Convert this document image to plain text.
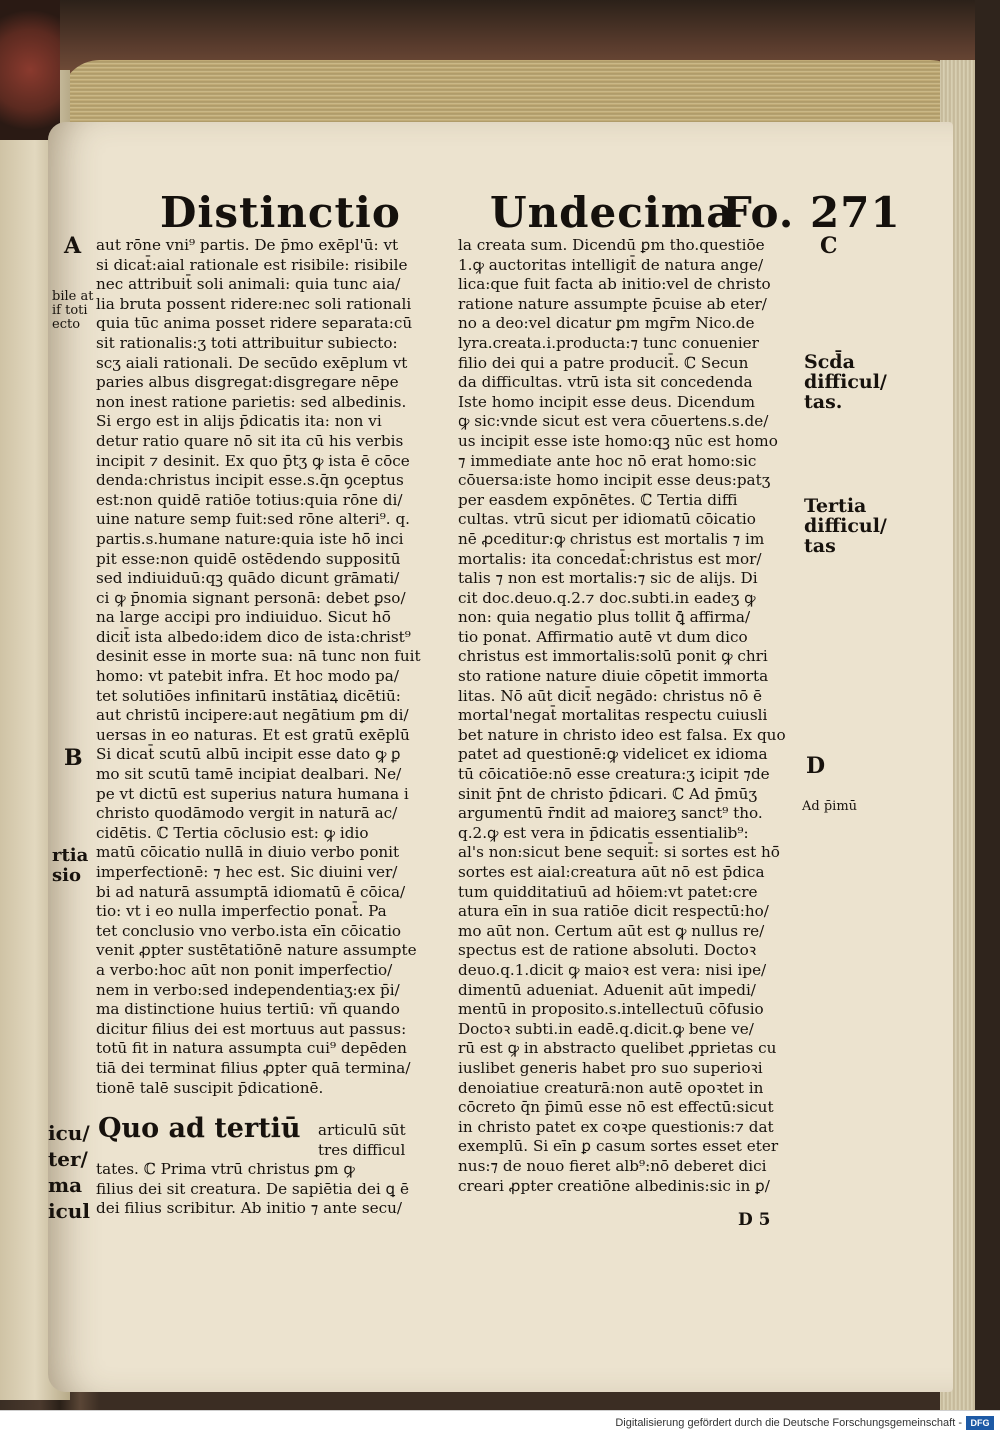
Distinctio Undecima
Fo. 271
A
bile at
if toti
ecto
B
rtia
sio
icu/
ter/
ma
icul
aut rōne vni⁹ partis. De p̄mo exēpl'ū: vt
si dicat̄:aial rationale est risibile: risibile
nec attribuit̄ soli animali: quia tunc aia/
lia bruta possent ridere:nec soli rationali
quia tūc anima posset ridere separata:cū
sit rationalis:ʒ toti attribuitur subiecto:
scʒ aiali rationali. De secūdo exēplum vt
paries albus disgregat:disgregare nēpe
non inest ratione parietis: sed albedinis.
Si ergo est in alijs p̄dicatis ita: non vi
detur ratio quare nō sit ita cū his verbis
incipit ⁊ desinit. Ex quo p̄tʒ ꝙ ista ē cōce
denda:christus incipit esse.s.q̄n ꝯceptus
est:non quidē ratiōe totius:quia rōne di/
uine nature semp fuit:sed rōne alteri⁹. q.
partis.s.humane nature:quia iste hō̄ inci
pit esse:non quidē ostēdendo suppositū
sed indiuiduū:qꝫ quādo dicunt grāmati/
ci ꝙ p̄nomia signant personā: debet ꝑso/
na large accipi pro indiuiduo. Sicut hō̄
dicit̄ ista albedo:idem dico de ista:christ⁹
desinit esse in morte sua: nā tunc non fuit
homo: vt patebit infra. Et hoc modo pa/
tet solutiōes infinitarū instātiaꝝ dicētiū:
aut christū incipere:aut negātium ꝑm di/
uersas in eo naturas. Et est gratū exēplū
Si dicat̄ scutū albū incipit esse dato ꝙ ꝑ
mo sit scutū tamē incipiat dealbari. Ne/
pe vt dictū est superius natura humana i
christo quodāmodo vergit in naturā ac/
cidētis. ℂ Tertia cōclusio est: ꝙ idio
matū cōicatio nullā in diuio verbo ponit
imperfectionē: ⁊ hec est. Sic diuini ver/
bi ad naturā assumptā idiomatū ē cōica/
tio: vt i eo nulla imperfectio ponat̄. Pa
tet conclusio vno verbo.ista eīn cōicatio
venit ꝓpter sustētatiōnē nature assumpte
a verbo:hoc aūt non ponit imperfectio/
nem in verbo:sed independentiaʒ:ex p̄i/
ma distinctione huius tertiū: vñ quando
dicitur filius dei est mortuus aut passus:
totū fit in natura assumpta cui⁹ depēden
tiā dei terminat filius ꝓpter quā termina/
tionē talē suscipit p̄dicationē.
Quo ad tertiū articulū sūt
tres difficul
tates. ℂ Prima vtrū christus ꝑm ꝙ
filius dei sit creatura. De sapiētia dei ꝗ ē
dei filius scribitur. Ab initio ⁊ ante secu/
la creata sum. Dicendū ꝑm tho.questiōe
1.ꝙ auctoritas intelligit̄ de natura ange/
lica:que fuit facta ab initio:vel de christo
ratione nature assumpte p̄cuise ab eter/
no a deo:vel dicatur ꝑm mgr̄m Nico.de
lyra.creata.i.producta:⁊ tunc conuenier
filio dei qui a patre producit̄. ℂ Secun
da difficultas. vtrū ista sit concedenda
Iste homo incipit esse deus. Dicendum
ꝙ sic:vnde sicut est vera cōuertens.s.de/
us incipit esse iste homo:qꝫ nūc est homo
⁊ immediate ante hoc nō erat homo:sic
cōuersa:iste homo incipit esse deus:patʒ
per easdem expōnētes. ℂ Tertia diffi
cultas. vtrū sicut per idiomatū cōicatio
nē ꝓceditur:ꝙ christus est mortalis ⁊ im
mortalis: ita concedat̄:christus est mor/
talis ⁊ non est mortalis:⁊ sic de alijs. Di
cit doc.deuo.q.2.⁊ doc.subti.in eadeʒ ꝙ
non: quia negatio plus tollit ꝗ̄ affirma/
tio ponat. Affirmatio autē vt dum dico
christus est immortalis:solū ponit ꝙ chri
sto ratione nature diuie cōpetit immorta
litas. Nō aūt dicit̄ negādo: christus nō ē
mortal'negat̄ mortalitas respectu cuiusli
bet nature in christo ideo est falsa. Ex quo
patet ad questionē:ꝙ videlicet ex idioma
tū cōicatiōe:nō esse creatura:ʒ icipit ⁊de
sinit p̄nt de christo p̄dicari. ℂ Ad p̄mūʒ
argumentū r̄ndit ad maioreʒ sanct⁹ tho.
q.2.ꝙ est vera in p̄dicatis essentialib⁹:
al's non:sicut bene sequit̄: si sortes est hō̄
sortes est aial:creatura aūt nō est p̄dica
tum quidditatiuū ad hōiem:vt patet:cre
atura eīn in sua ratiōe dicit respectū:ho/
mo aūt non. Certum aūt est ꝙ nullus re/
spectus est de ratione absoluti. Doctoꝛ
deuo.q.1.dicit ꝙ maioꝛ est vera: nisi ipe/
dimentū adueniat. Aduenit aūt impedi/
mentū in proposito.s.intellectuū cōfusio
Doctoꝛ subti.in eadē.q.dicit.ꝙ bene ve/
rū est ꝙ in abstracto quelibet ꝓprietas cu
iuslibet generis habet pro suo superioꝛi
denoiatiue creaturā:non autē opoꝛtet in
cōcreto q̄n p̄imū esse nō est effectū:sicut
in christo patet ex coꝛpe questionis:⁊ dat
exemplū. Si eīn ꝑ casum sortes esset eter
nus:⁊ de nouo fieret alb⁹:nō deberet dici
creari ꝓpter creatiōne albedinis:sic in ꝑ/
D 5
C
Scd̄a
difficul/
tas.
Tertia
difficul/
tas
D
Ad p̄imū
Digitalisierung gefördert durch die Deutsche Forschungsgemeinschaft - DFG
